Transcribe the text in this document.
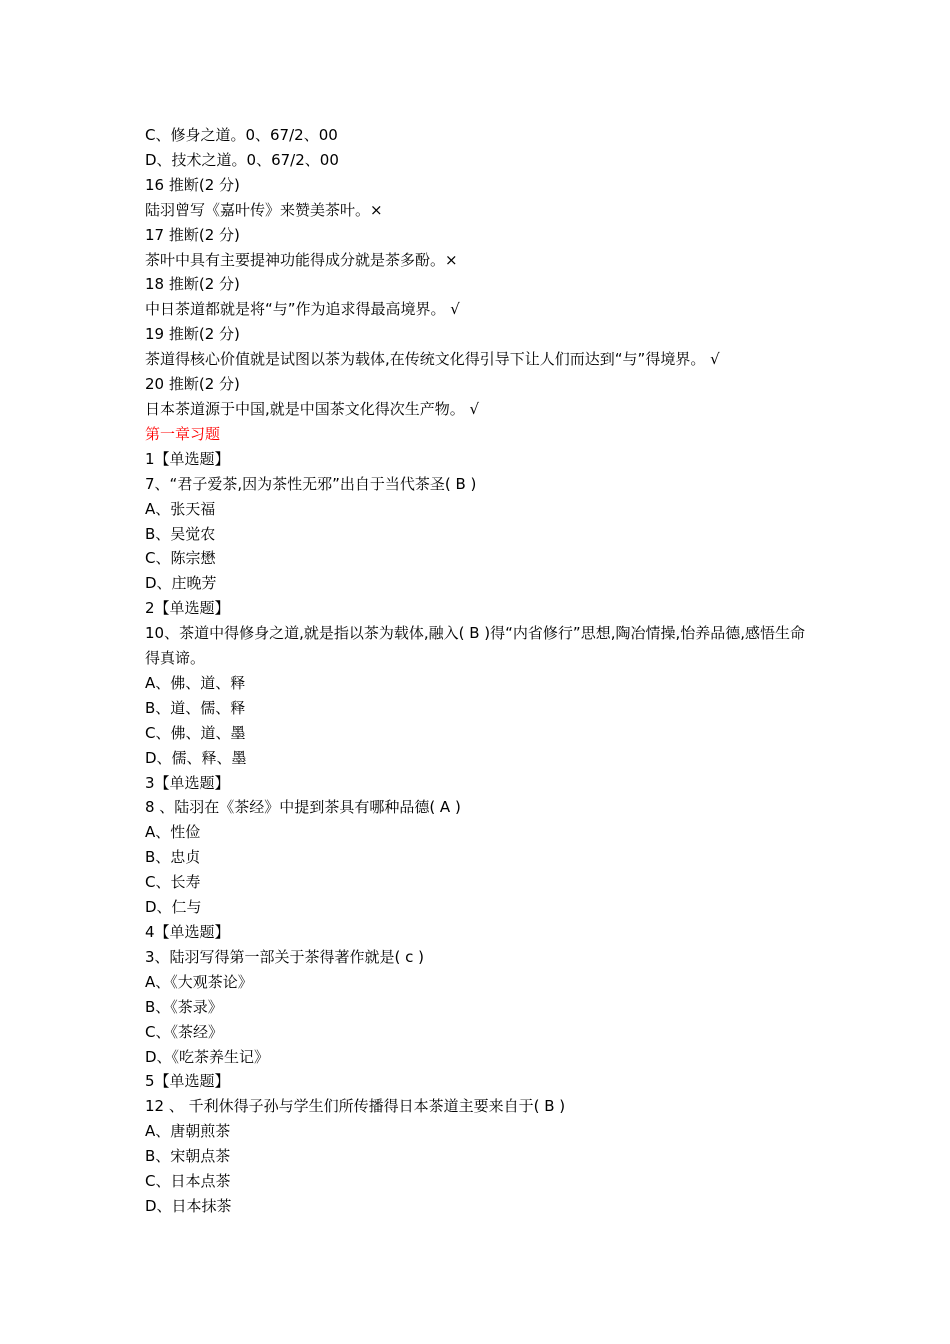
C、修身之道。0、67/2、00

D、技术之道。0、67/2、00

16 推断(2 分)

陆羽曾写《嘉叶传》来赞美茶叶。×

17 推断(2 分)

茶叶中具有主要提神功能得成分就是茶多酚。×

18 推断(2 分)

中日茶道都就是将“与”作为追求得最高境界。 √

19 推断(2 分)

茶道得核心价值就是试图以茶为载体,在传统文化得引导下让人们而达到“与”得境界。 √

20 推断(2 分)

日本茶道源于中国,就是中国茶文化得次生产物。 √

第一章习题

1【单选题】

7、“君子爱茶,因为茶性无邪”出自于当代茶圣( B )

A、张天福

B、吴觉农

C、陈宗懋

D、庄晚芳

2【单选题】

10、茶道中得修身之道,就是指以茶为载体,融入( B )得“内省修行”思想,陶冶情操,怡养品德,感悟生命得真谛。

A、佛、道、释

B、道、儒、释

C、佛、道、墨

D、儒、释、墨

3【单选题】

8 、陆羽在《茶经》中提到茶具有哪种品德( A )

A、性俭

B、忠贞

C、长寿

D、仁与

4【单选题】

3、陆羽写得第一部关于茶得著作就是( c )

A、《大观茶论》

B、《茶录》

C、《茶经》

D、《吃茶养生记》

5【单选题】

12 、 千利休得子孙与学生们所传播得日本茶道主要来自于( B )

A、唐朝煎茶

B、宋朝点茶

C、日本点茶

D、日本抹茶
